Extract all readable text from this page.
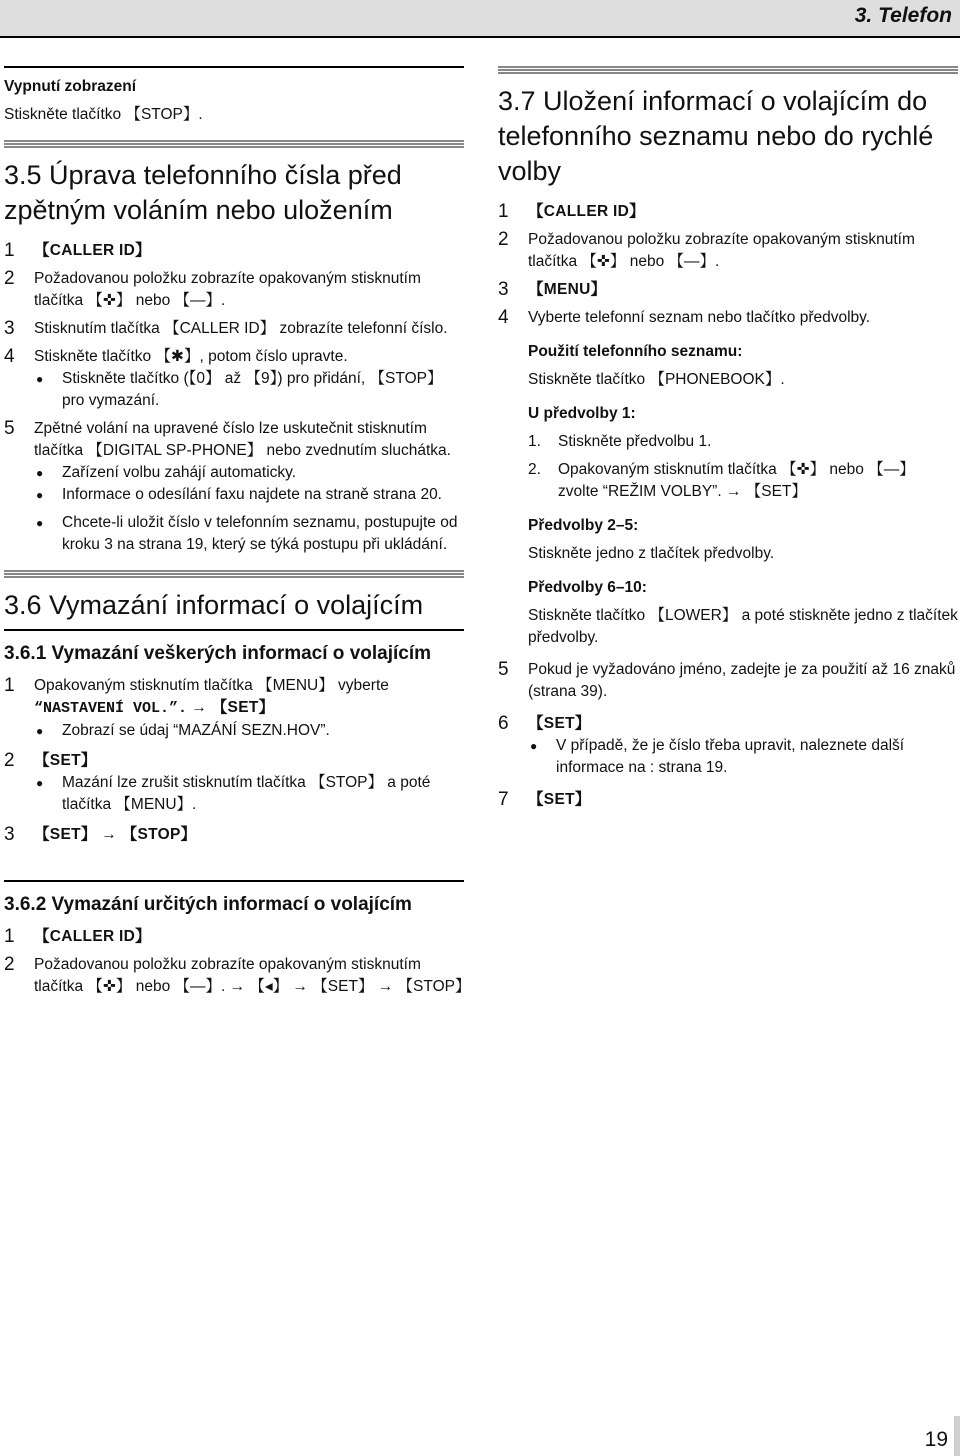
3. Telefon
Vypnutí zobrazení

Stiskněte tlačítko 【STOP】.

3.5 Úprava telefonního čísla před zpětným voláním nebo uložením
1 【CALLER ID】
2 Požadovanou položku zobrazíte opakovaným stisknutím tlačítka 【✜】 nebo 【—】.
3 Stisknutím tlačítka 【CALLER ID】 zobrazíte telefonní číslo.
4 Stiskněte tlačítko 【✱】, potom číslo upravte.
● Stiskněte tlačítko (【0】 až 【9】) pro přidání, 【STOP】 pro vymazání.
5 Zpětné volání na upravené číslo lze uskutečnit stisknutím tlačítka 【DIGITAL SP-PHONE】 nebo zvednutím sluchátka.
● Zařízení volbu zahájí automaticky.
● Informace o odesílání faxu najdete na straně strana 20.
● Chcete-li uložit číslo v telefonním seznamu, postupujte od kroku 3 na strana 19, který se týká postupu při ukládání.
3.6 Vymazání informací o volajícím
3.6.1 Vymazání veškerých informací o volajícím
1 Opakovaným stisknutím tlačítka 【MENU】 vyberte
“NASTAVENÍ VOL.”. → 【SET】
● Zobrazí se údaj “MAZÁNÍ SEZN.HOV”.
2 【SET】
● Mazání lze zrušit stisknutím tlačítka 【STOP】 a poté tlačítka 【MENU】.
3 【SET】 → 【STOP】
3.6.2 Vymazání určitých informací o volajícím
1 【CALLER ID】
2 Požadovanou položku zobrazíte opakovaným stisknutím tlačítka 【✜】 nebo 【—】. → 【◂】 → 【SET】 → 【STOP】
3.7 Uložení informací o volajícím do telefonního seznamu nebo do rychlé volby
1 【CALLER ID】
2 Požadovanou položku zobrazíte opakovaným stisknutím tlačítka 【✜】 nebo 【—】.
3 【MENU】
4 Vyberte telefonní seznam nebo tlačítko předvolby.
Použití telefonního seznamu:
Stiskněte tlačítko 【PHONEBOOK】.
U předvolby 1:
1. Stiskněte předvolbu 1.
2. Opakovaným stisknutím tlačítka 【✜】 nebo 【—】 zvolte “REŽIM VOLBY”. → 【SET】
Předvolby 2–5:
Stiskněte jedno z tlačítek předvolby.
Předvolby 6–10:
Stiskněte tlačítko 【LOWER】 a poté stiskněte jedno z tlačítek předvolby.
5 Pokud je vyžadováno jméno, zadejte je za použití až 16 znaků (strana 39).
6 【SET】
● V případě, že je číslo třeba upravit, naleznete další informace na : strana 19.
7 【SET】
19
